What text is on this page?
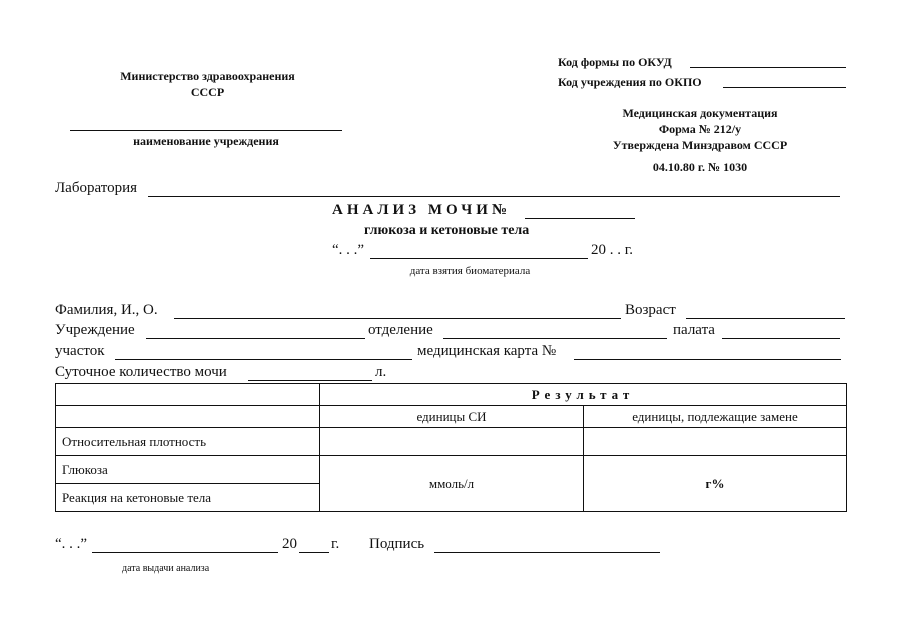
Министерство здравоохранения
СССР
наименование учреждения
Код формы по ОКУД
Код учреждения по ОКПО
Медицинская документация
Форма № 212/у
Утверждена Минздравом СССР
04.10.80 г. № 1030
Лаборатория
АНАЛИЗ МОЧИ№
глюкоза и кетоновые тела
“. . .”	20 . . г.
дата взятия биоматериала
Фамилия, И., О.	Возраст
Учреждение	отделение	палата
участок	медицинская карта №
Суточное количество мочи	л.
	Результат	
	единицы СИ	единицы, подлежащие замене
Относительная плотность		
Глюкоза	ммоль/л	г%
Реакция на кетоновые тела		
“. . .”	20 г. Подпись
дата выдачи анализа
